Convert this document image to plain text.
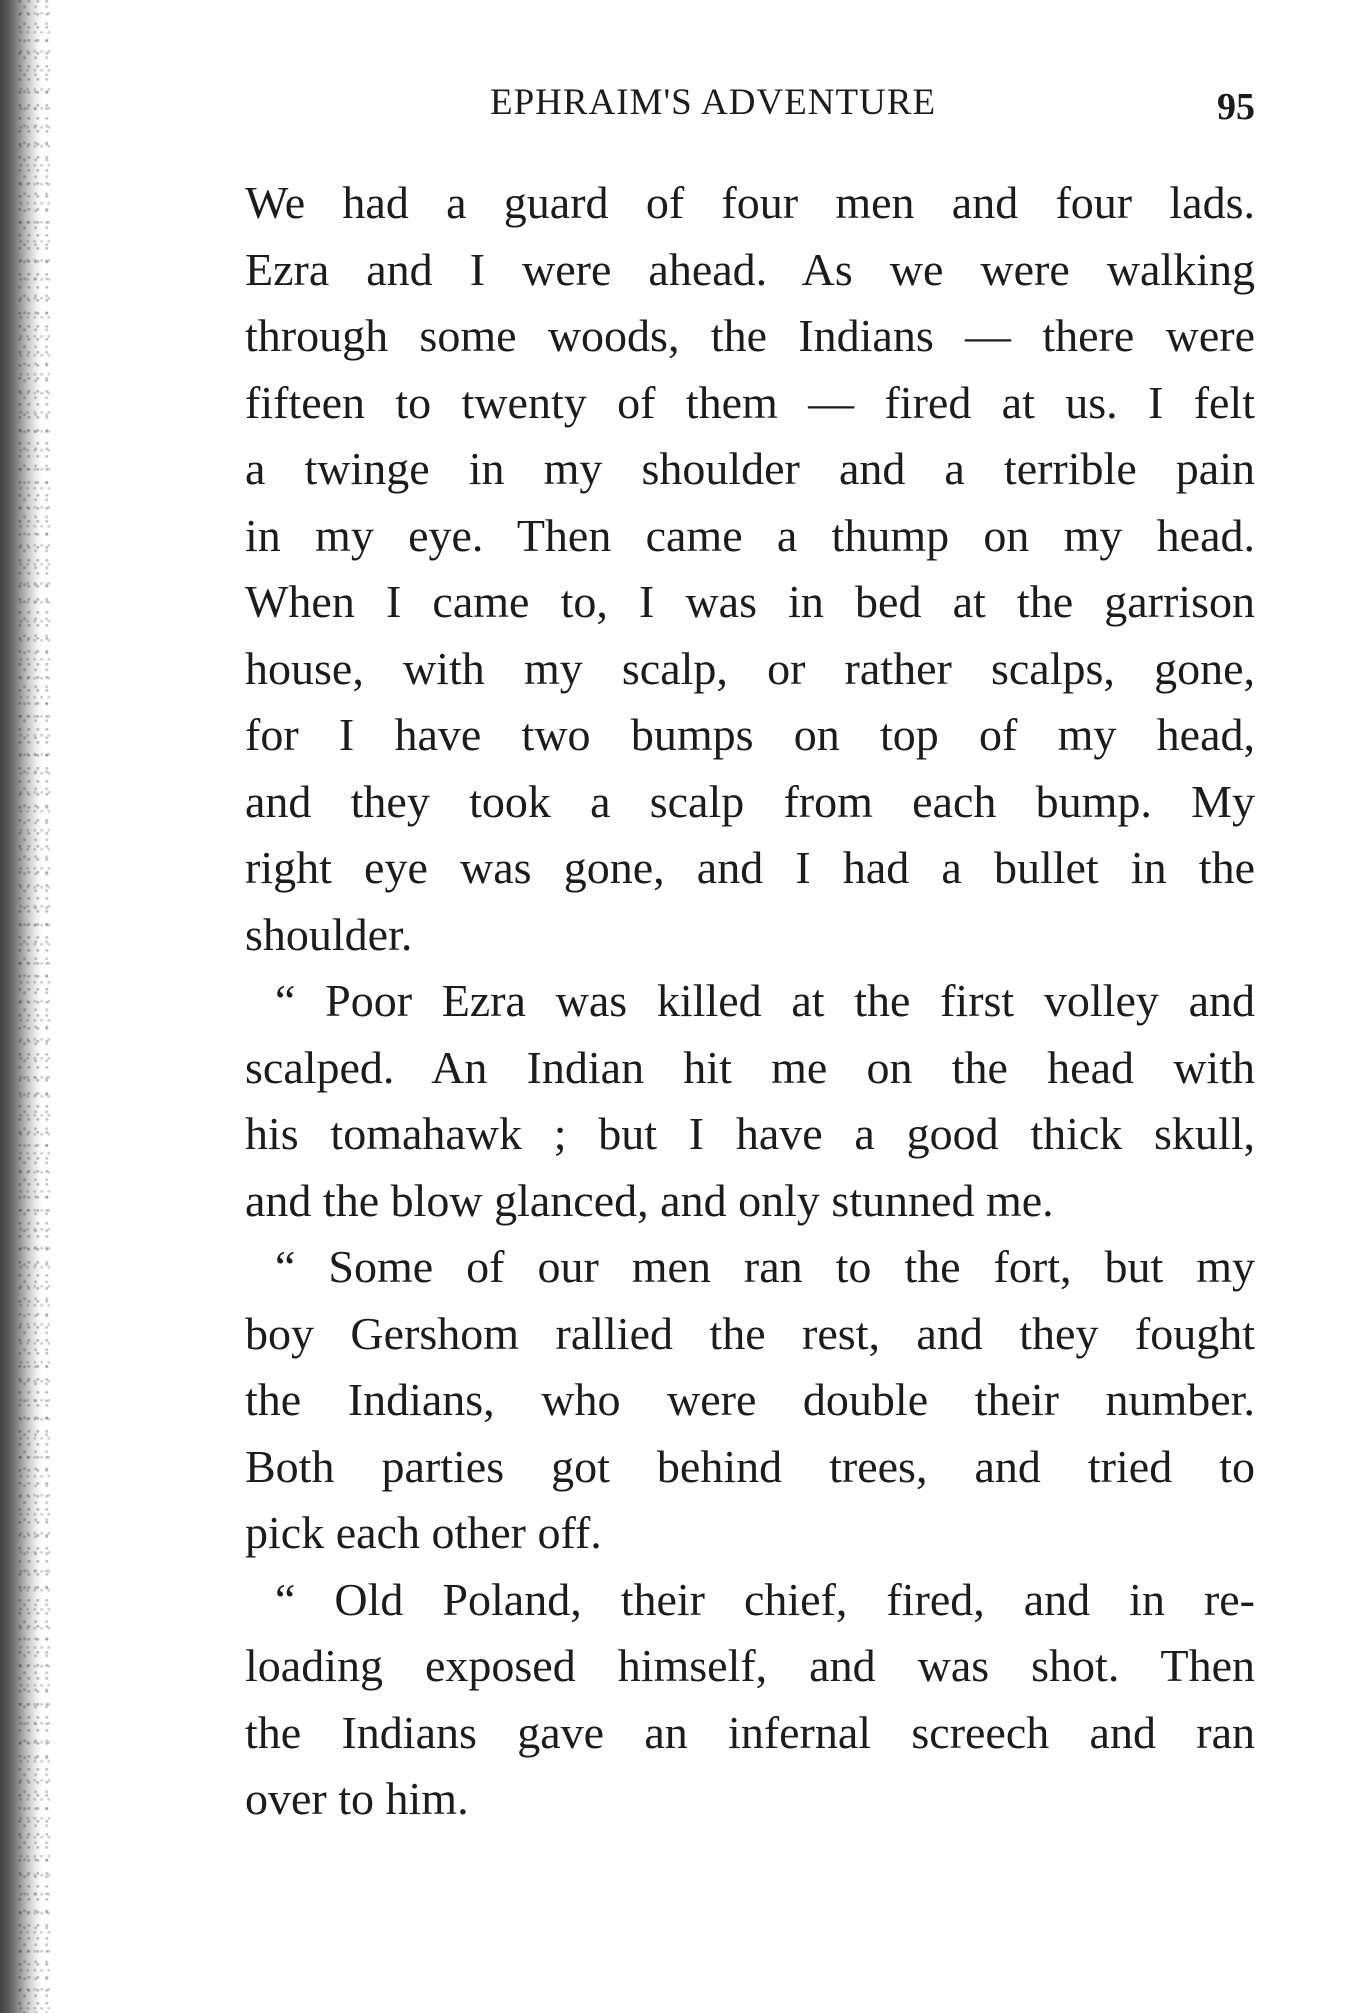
EPHRAIM'S ADVENTURE	95
We had a guard of four men and four lads.
Ezra and I were ahead. As we were walking
through some woods, the Indians — there were
fifteen to twenty of them — fired at us. I felt
a twinge in my shoulder and a terrible pain
in my eye. Then came a thump on my head.
When I came to, I was in bed at the garrison
house, with my scalp, or rather scalps, gone,
for I have two bumps on top of my head,
and they took a scalp from each bump. My
right eye was gone, and I had a bullet in the
shoulder.
“ Poor Ezra was killed at the first volley and
scalped. An Indian hit me on the head with
his tomahawk ; but I have a good thick skull,
and the blow glanced, and only stunned me.
“ Some of our men ran to the fort, but my
boy Gershom rallied the rest, and they fought
the Indians, who were double their number.
Both parties got behind trees, and tried to
pick each other off.
“ Old Poland, their chief, fired, and in re-
loading exposed himself, and was shot. Then
the Indians gave an infernal screech and ran
over to him.
